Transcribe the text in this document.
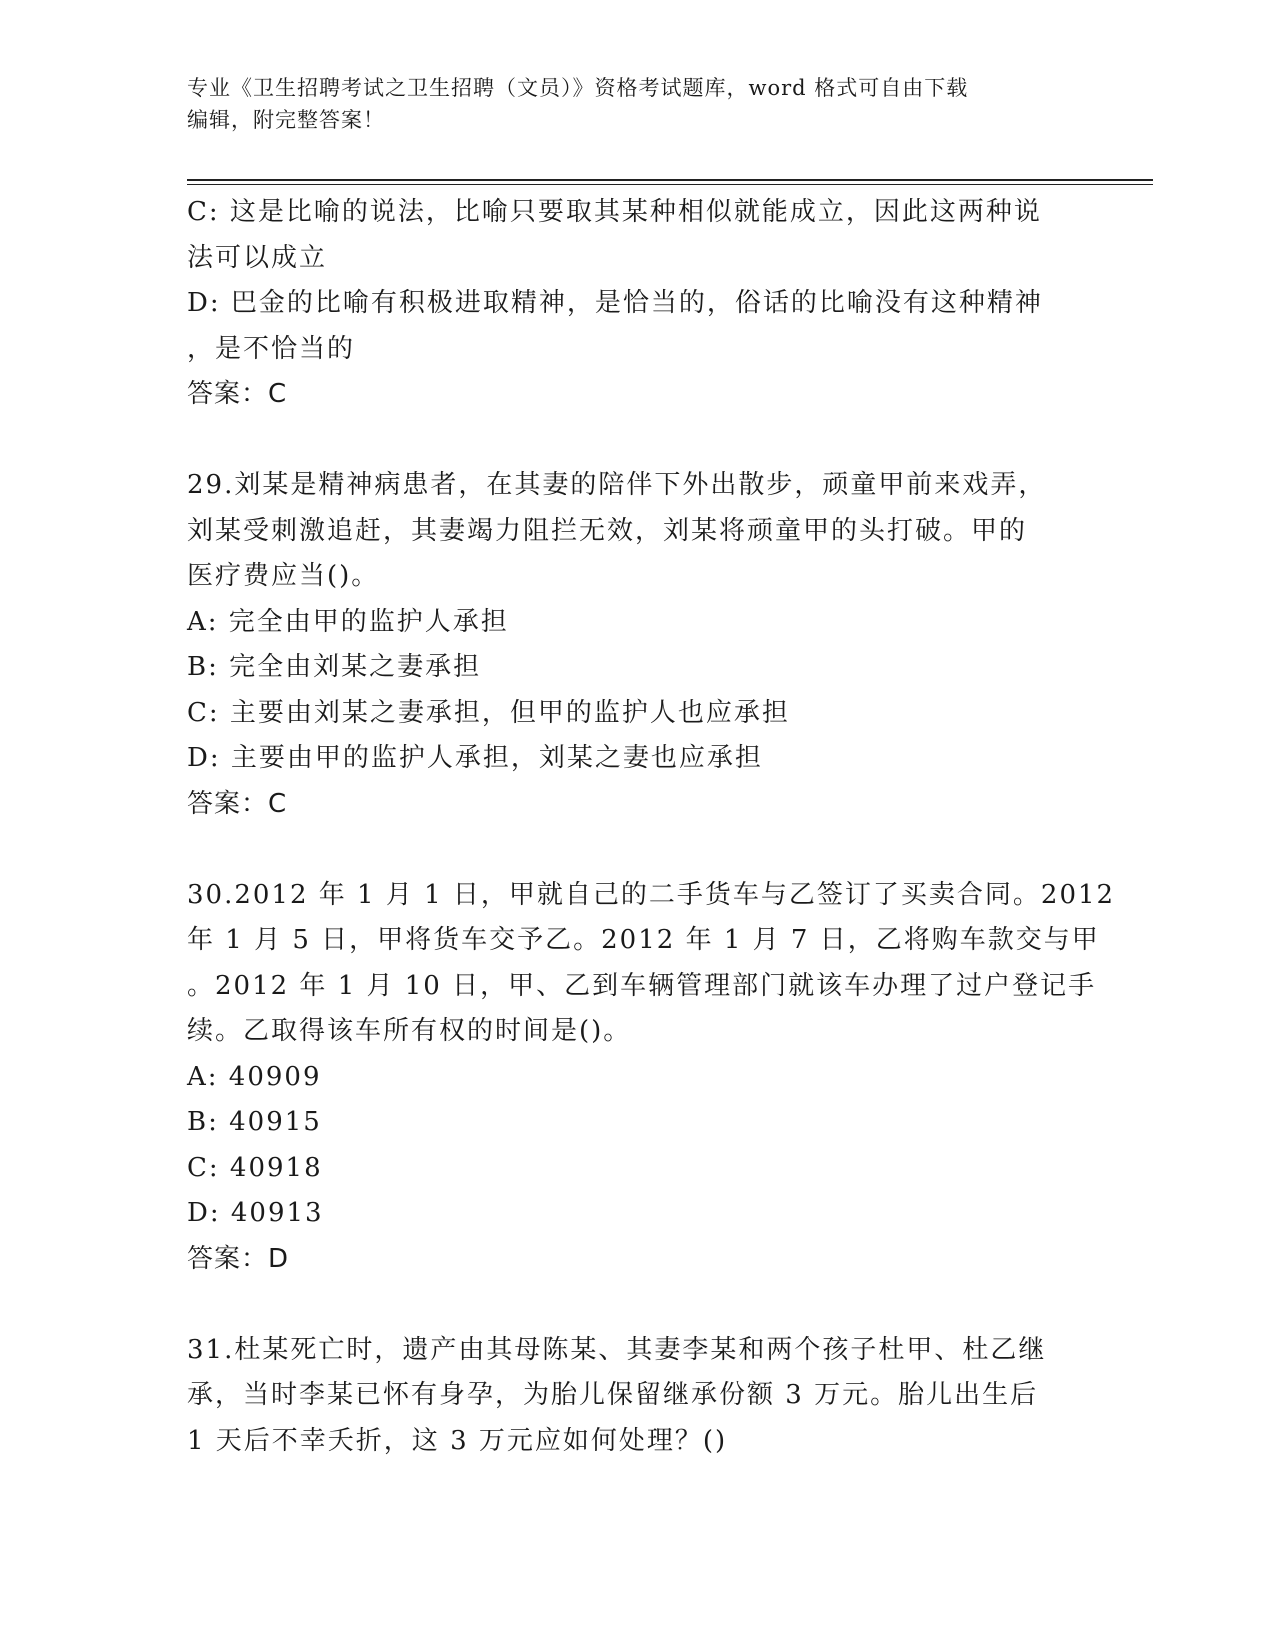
专业《卫生招聘考试之卫生招聘（文员）》资格考试题库，word 格式可自由下载
编辑，附完整答案！
C: 这是比喻的说法，比喻只要取其某种相似就能成立，因此这两种说
法可以成立
D: 巴金的比喻有积极进取精神，是恰当的，俗话的比喻没有这种精神
，是不恰当的
答案：C
29.刘某是精神病患者，在其妻的陪伴下外出散步，顽童甲前来戏弄，
刘某受刺激追赶，其妻竭力阻拦无效，刘某将顽童甲的头打破。甲的
医疗费应当()。
A: 完全由甲的监护人承担
B: 完全由刘某之妻承担
C: 主要由刘某之妻承担，但甲的监护人也应承担
D: 主要由甲的监护人承担，刘某之妻也应承担
答案：C
30.2012 年 1 月 1 日，甲就自己的二手货车与乙签订了买卖合同。2012
年 1 月 5 日，甲将货车交予乙。2012 年 1 月 7 日，乙将购车款交与甲
。2012 年 1 月 10 日，甲、乙到车辆管理部门就该车办理了过户登记手
续。乙取得该车所有权的时间是()。
A: 40909
B: 40915
C: 40918
D: 40913
答案：D
31.杜某死亡时，遗产由其母陈某、其妻李某和两个孩子杜甲、杜乙继
承，当时李某已怀有身孕，为胎儿保留继承份额 3 万元。胎儿出生后
1 天后不幸夭折，这 3 万元应如何处理？()
